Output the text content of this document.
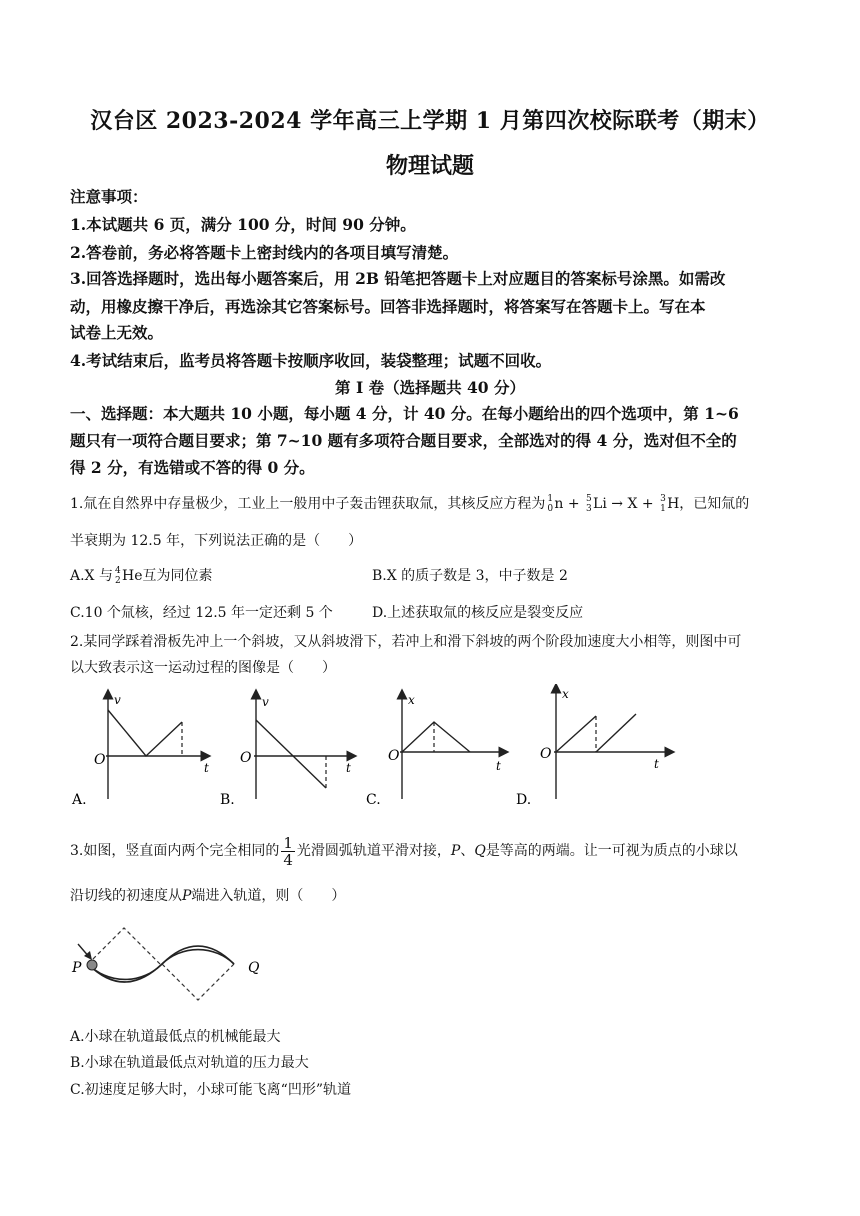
汉台区 2023-2024 学年高三上学期 1 月第四次校际联考（期末）
物理试题
注意事项：
1.本试题共 6 页，满分 100 分，时间 90 分钟。
2.答卷前，务必将答题卡上密封线内的各项目填写清楚。
3.回答选择题时，选出每小题答案后，用 2B 铅笔把答题卡上对应题目的答案标号涂黑。如需改
动，用橡皮擦干净后，再选涂其它答案标号。回答非选择题时，将答案写在答题卡上。写在本
试卷上无效。
4.考试结束后，监考员将答题卡按顺序收回，装袋整理；试题不回收。
第 I 卷（选择题共 40 分）
一、选择题：本大题共 10 小题，每小题 4 分，计 40 分。在每小题给出的四个选项中，第 1~6
题只有一项符合题目要求；第 7~10 题有多项符合题目要求，全部选对的得 4 分，选对但不全的
得 2 分，有选错或不答的得 0 分。
1.氚在自然界中存量极少，工业上一般用中子轰击锂获取氚，其核反应方程为 1
0 n + 5
3 Li → X + 3
1 H，已知氚的
半衰期为 12.5 年，下列说法正确的是（　　）
A.X 与 4
2 He互为同位素	B.X 的质子数是 3，中子数是 2
C.10 个氚核，经过 12.5 年一定还剩 5 个	D.上述获取氚的核反应是裂变反应
2.某同学踩着滑板先冲上一个斜坡，又从斜坡滑下，若冲上和滑下斜坡的两个阶段加速度大小相等，则图中可
以大致表示这一运动过程的图像是（　　）
v
t
O
A.
v
t
O
B.
x
t
O
C.
x
t
O
D.
3.如图，竖直面内两个完全相同的 $\frac{1}{4}$ 光滑圆弧轨道平滑对接，P、Q是等高的两端。让一可视为质点的小球以
沿切线的初速度从P端进入轨道，则（　　）
P	Q
A.小球在轨道最低点的机械能最大
B.小球在轨道最低点对轨道的压力最大
C.初速度足够大时，小球可能飞离“凹形”轨道
